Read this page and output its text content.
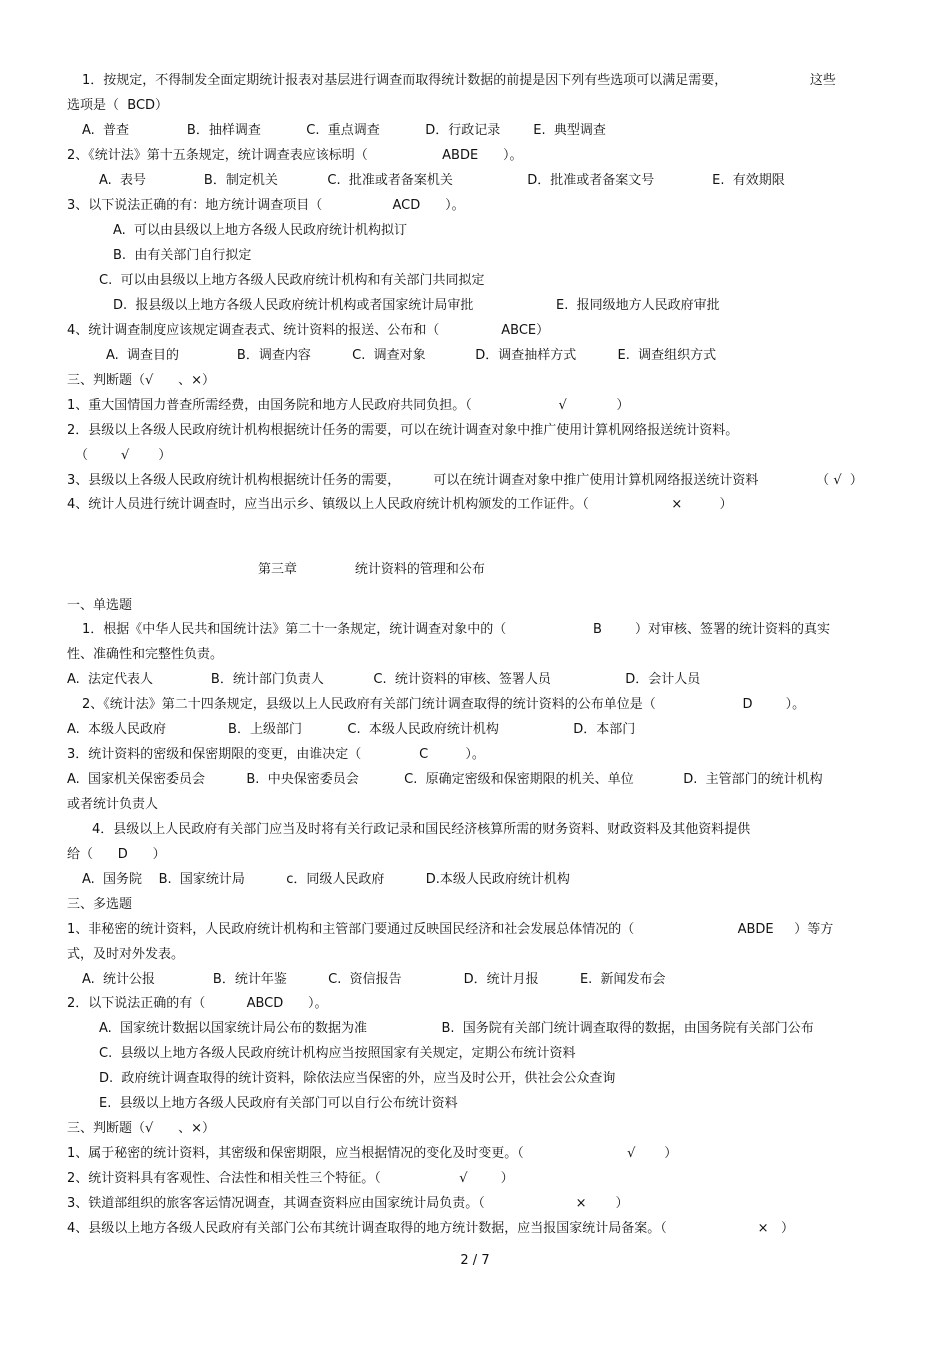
1．按规定，不得制发全面定期统计报表对基层进行调查而取得统计数据的前提是因下列有些选项可以满足需要，                    这些
选项是（  BCD）
A.  普查              B．抽样调查           C.  重点调查           D．行政记录        E.  典型调查
2、《统计法》第十五条规定，统计调查表应该标明（                  ABDE      ）。
A.  表号              B．制定机关            C.  批准或者备案机关                  D．批准或者备案文号              E.  有效期限
3、以下说法正确的有：地方统计调查项目（                 ACD      ）。
A.  可以由县级以上地方各级人民政府统计机构拟订
B.  由有关部门自行拟定
C.  可以由县级以上地方各级人民政府统计机构和有关部门共同拟定
D.  报县级以上地方各级人民政府统计机构或者国家统计局审批                    E.  报同级地方人民政府审批
4、统计调查制度应该规定调查表式、统计资料的报送、公布和（               ABCE）
A.  调查目的              B．调查内容          C.  调查对象            D．调查抽样方式          E.  调查组织方式
三、判断题（√      、×）
1、重大国情国力普查所需经费，由国务院和地方人民政府共同负担。（                     √            ）
2．县级以上各级人民政府统计机构根据统计任务的需要，可以在统计调查对象中推广使用计算机网络报送统计资料。
（        √       ）
3、县级以上各级人民政府统计机构根据统计任务的需要，        可以在统计调查对象中推广使用计算机网络报送统计资料              （ √  ）
4、统计人员进行统计调查时，应当出示乡、镇级以上人民政府统计机构颁发的工作证件。（                    ×         ）
第三章              统计资料的管理和公布
一、单选题
1．根据《中华人民共和国统计法》第二十一条规定，统计调查对象中的（                     B        ）对审核、签署的统计资料的真实
性、准确性和完整性负责。
A.  法定代表人              B．统计部门负责人            C.  统计资料的审核、签署人员                  D．会计人员
2、《统计法》第二十四条规定，县级以上人民政府有关部门统计调查取得的统计资料的公布单位是（                     D        ）。
A.  本级人民政府               B．上级部门           C.  本级人民政府统计机构                  D．本部门
3．统计资料的密级和保密期限的变更，由谁决定（              C         ）。
A.  国家机关保密委员会          B.  中央保密委员会           C.  原确定密级和保密期限的机关、单位            D.  主管部门的统计机构
或者统计负责人
4．县级以上人民政府有关部门应当及时将有关行政记录和国民经济核算所需的财务资料、财政资料及其他资料提供
给（      D      ）
A.  国务院    B.  国家统计局          c．同级人民政府          D.本级人民政府统计机构
三、多选题
1、非秘密的统计资料，人民政府统计机构和主管部门要通过反映国民经济和社会发展总体情况的（                         ABDE     ）等方
式，及时对外发表。
A.  统计公报              B．统计年鉴          C.  资信报告               D．统计月报          E.  新闻发布会
2．以下说法正确的有（          ABCD      ）。
A.  国家统计数据以国家统计局公布的数据为准                  B.  国务院有关部门统计调查取得的数据，由国务院有关部门公布
C.  县级以上地方各级人民政府统计机构应当按照国家有关规定，定期公布统计资料
D.  政府统计调查取得的统计资料，除依法应当保密的外，应当及时公开，供社会公众查询
E.  县级以上地方各级人民政府有关部门可以自行公布统计资料
三、判断题（√      、×）
1、属于秘密的统计资料，其密级和保密期限，应当根据情况的变化及时变更。（                         √       ）
2、统计资料具有客观性、合法性和相关性三个特征。（                   √        ）
3、铁道部组织的旅客客运情况调查，其调查资料应由国家统计局负责。（                      ×       ）
4、县级以上地方各级人民政府有关部门公布其统计调查取得的地方统计数据，应当报国家统计局备案。（                      ×   ）
2 / 7
